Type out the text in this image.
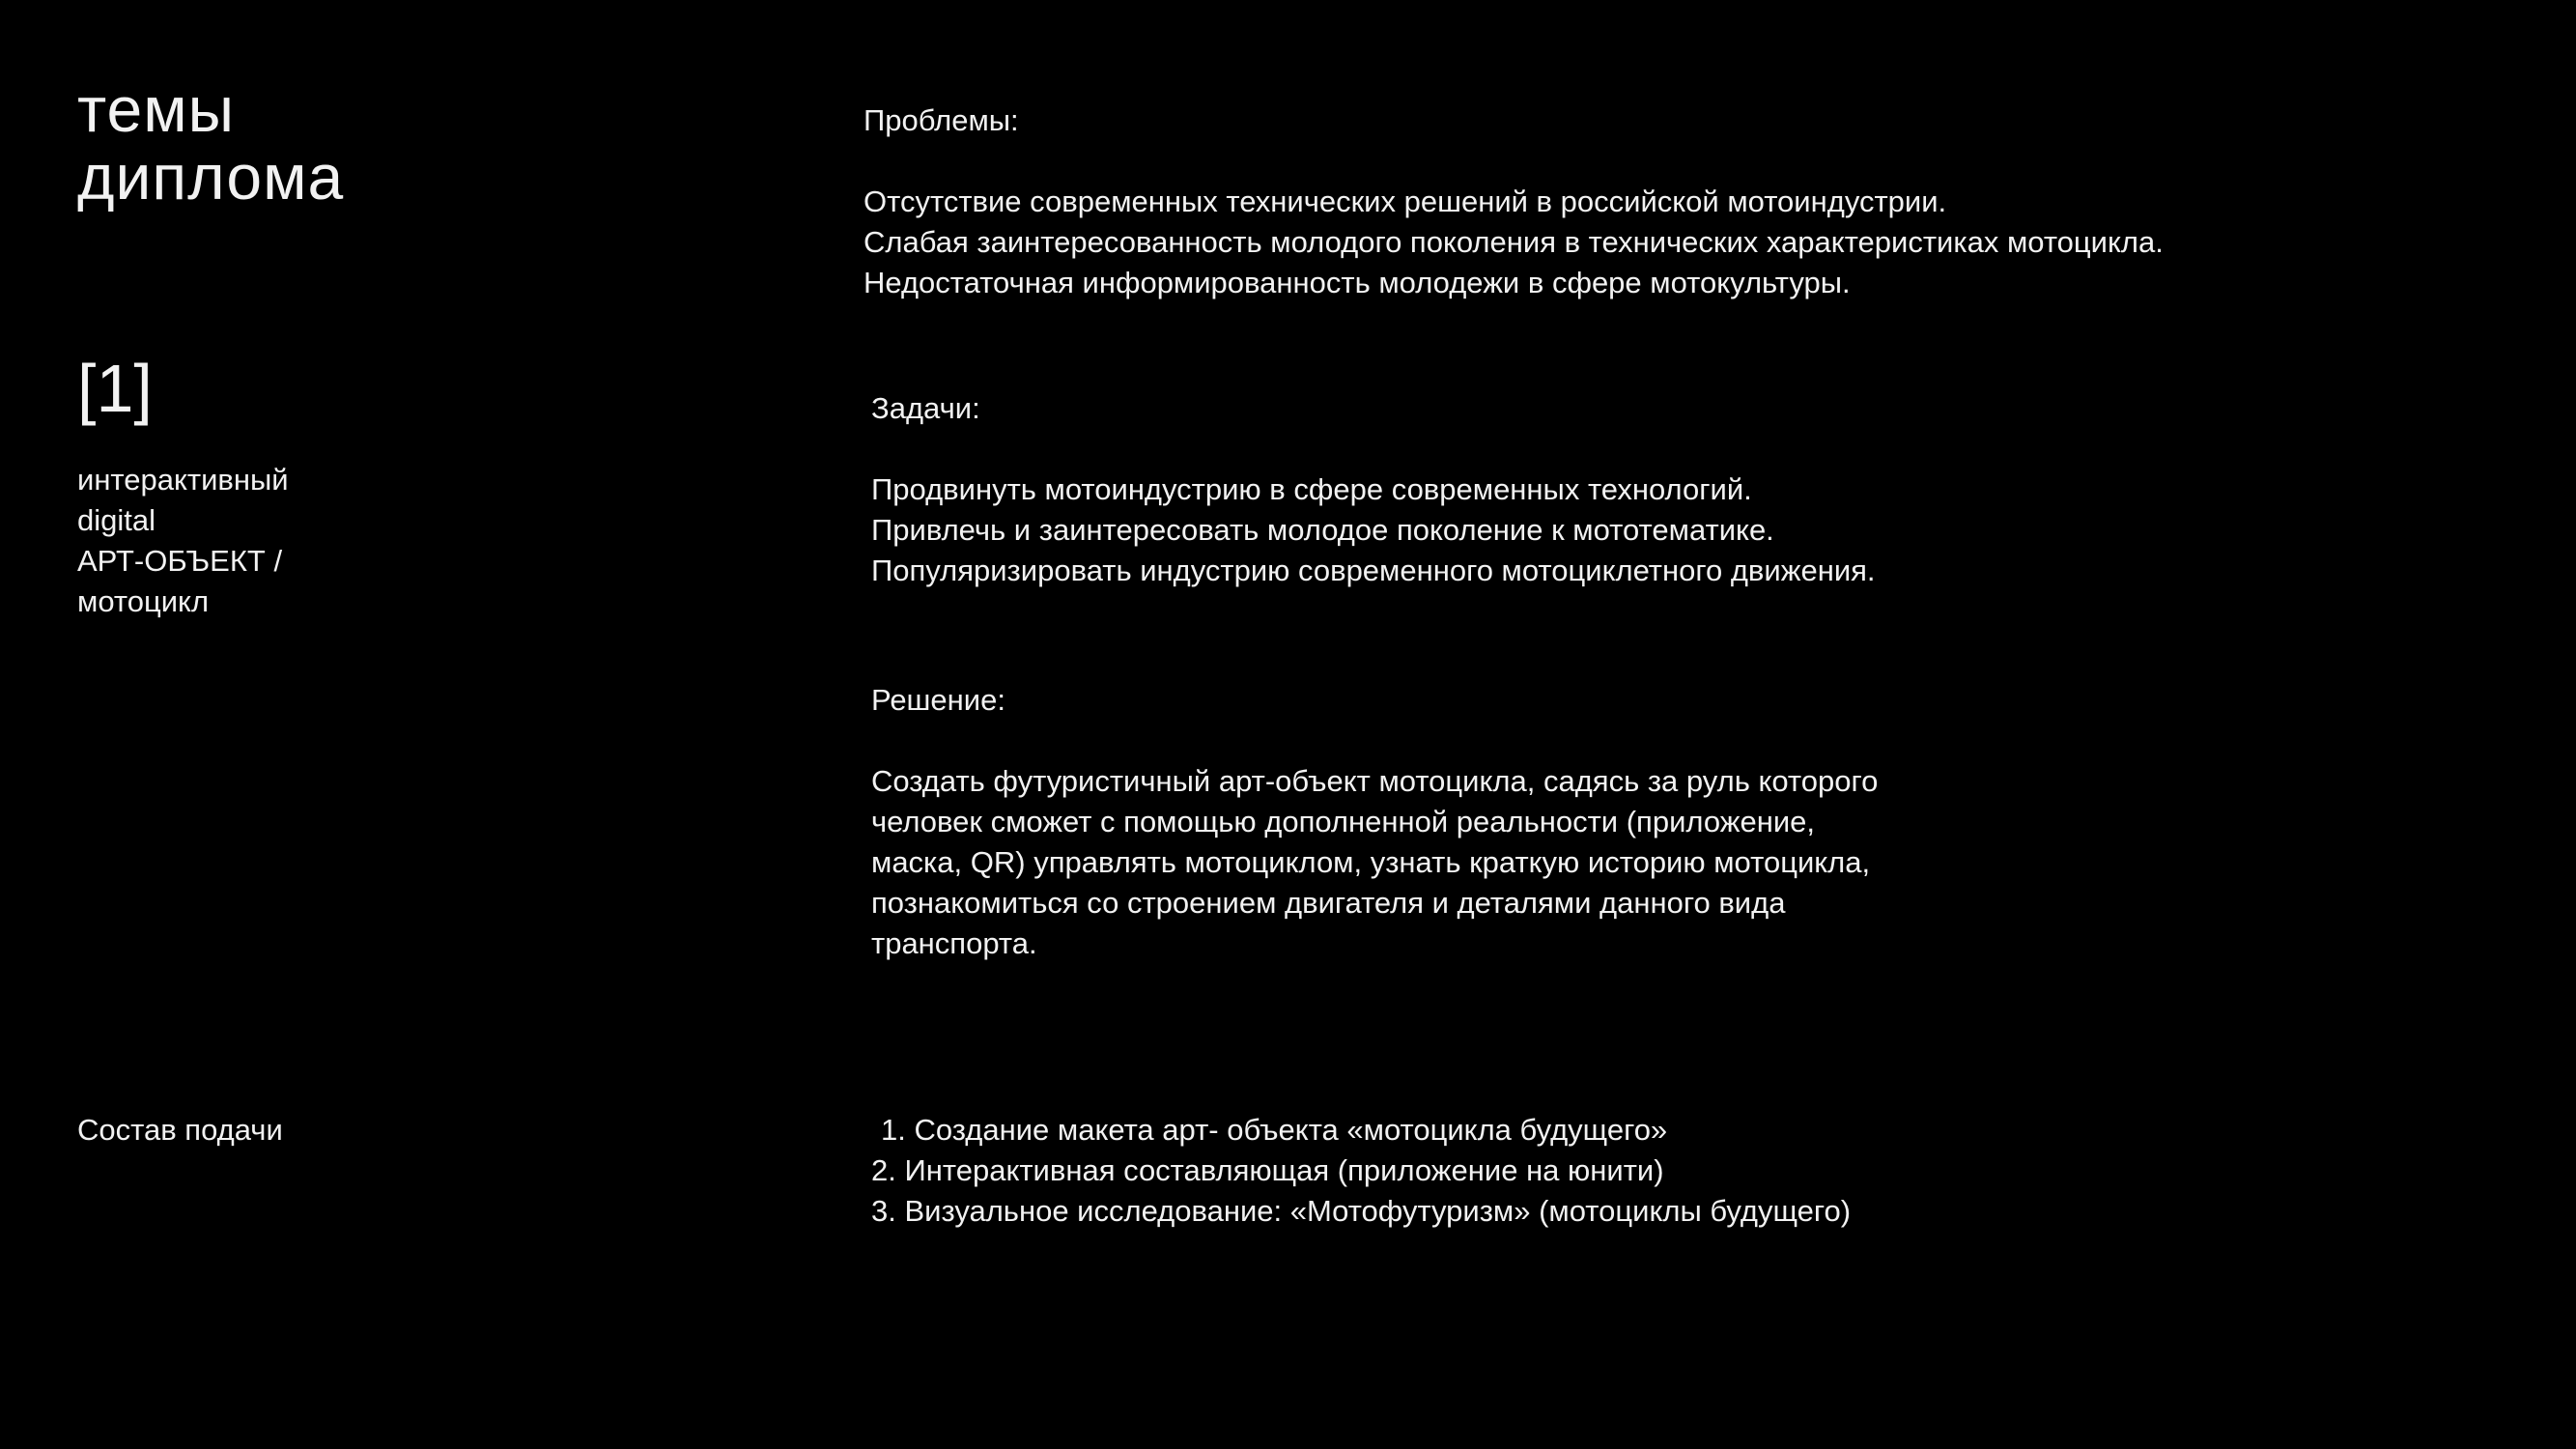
темы
диплома
[1]
интерактивный
digital
АРТ-ОБЪЕКТ /
мотоцикл
Состав подачи
Проблемы:
Отсутствие современных технических решений в российской мотоиндустрии.
Слабая заинтересованность молодого поколения в технических характеристиках мотоцикла.
Недостаточная информированность молодежи в сфере мотокультуры.
Задачи:
Продвинуть мотоиндустрию в сфере современных технологий.
Привлечь и заинтересовать молодое поколение к мототематике.
Популяризировать индустрию современного мотоциклетного движения.
Решение:
Создать футуристичный арт-объект мотоцикла, садясь за руль которого
человек сможет с помощью дополненной реальности (приложение,
маска, QR) управлять мотоциклом, узнать краткую историю мотоцикла,
познакомиться со строением двигателя и деталями данного вида
транспорта.
1. Создание макета арт- объекта «мотоцикла будущего»
2. Интерактивная составляющая (приложение на юнити)
3. Визуальное исследование: «Мотофутуризм» (мотоциклы будущего)
